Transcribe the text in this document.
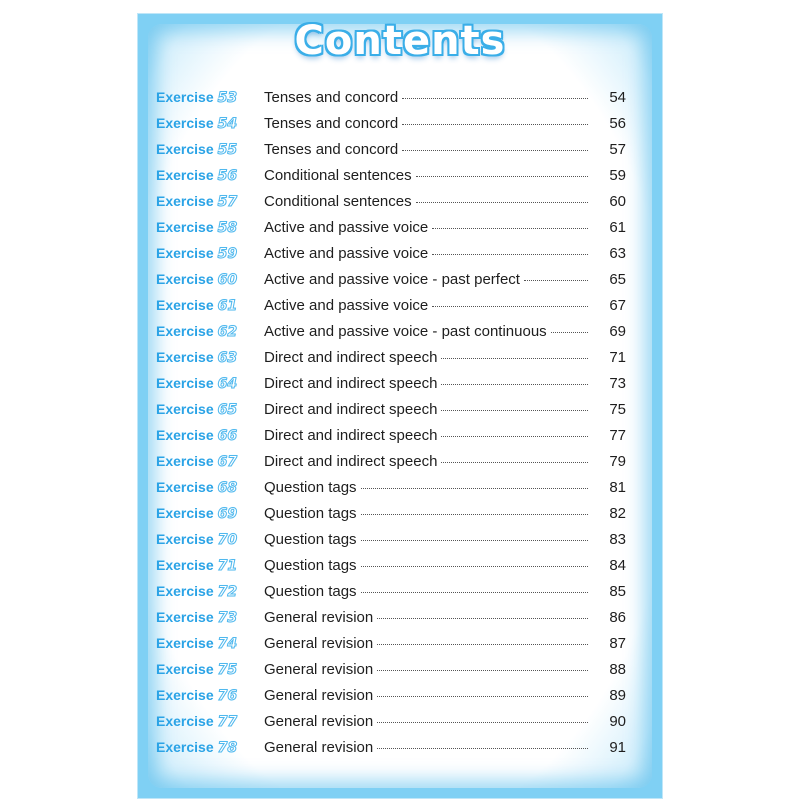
Contents
Exercise 53 Tenses and concord	54
Exercise 54 Tenses and concord	56
Exercise 55 Tenses and concord	57
Exercise 56 Conditional sentences	59
Exercise 57 Conditional sentences	60
Exercise 58 Active and passive voice	61
Exercise 59 Active and passive voice	63
Exercise 60 Active and passive voice - past perfect	65
Exercise 61 Active and passive voice	67
Exercise 62 Active and passive voice - past continuous	69
Exercise 63 Direct and indirect speech	71
Exercise 64 Direct and indirect speech	73
Exercise 65 Direct and indirect speech	75
Exercise 66 Direct and indirect speech	77
Exercise 67 Direct and indirect speech	79
Exercise 68 Question tags	81
Exercise 69 Question tags	82
Exercise 70 Question tags	83
Exercise 71 Question tags	84
Exercise 72 Question tags	85
Exercise 73 General revision	86
Exercise 74 General revision	87
Exercise 75 General revision	88
Exercise 76 General revision	89
Exercise 77 General revision	90
Exercise 78 General revision	91
